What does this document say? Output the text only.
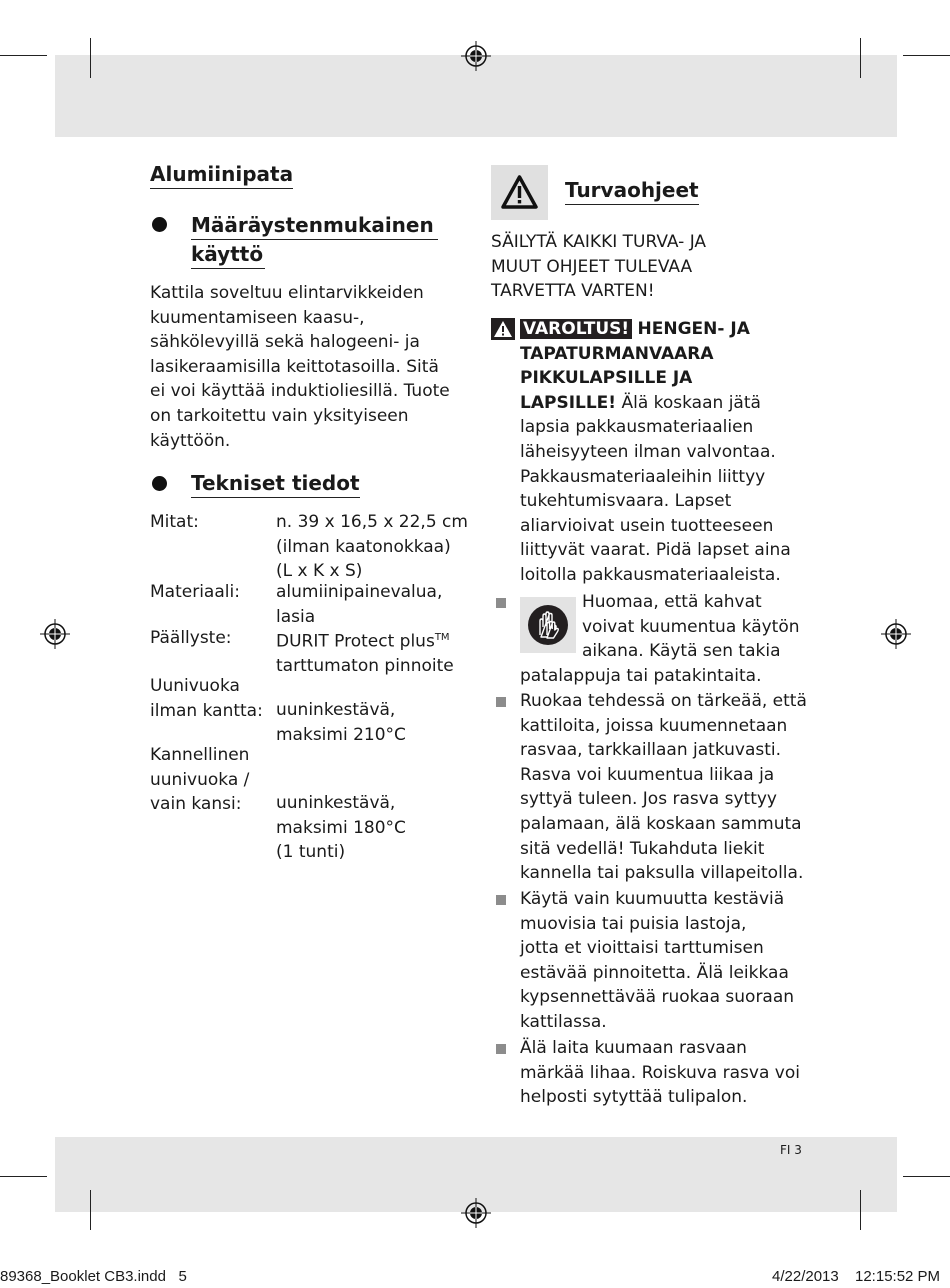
Alumiinipata
Määräystenmukainen
käyttö
Kattila soveltuu elintarvikkeiden
kuumentamiseen kaasu-,
sähkölevyillä sekä halogeeni- ja
lasikeraamisilla keittotasoilla. Sitä
ei voi käyttää induktioliesillä. Tuote
on tarkoitettu vain yksityiseen
käyttöön.
Tekniset tiedot
Mitat:	n. 39 x 16,5 x 22,5 cm
(ilman kaatonokkaa)
(L x K x S)
Materiaali: alumiinipainevalua,
lasia
Päällyste:	DURIT Protect plus™
tarttumaton pinnoite
Uunivuoka
ilman kantta: uuninkestävä,
maksimi 210°C
Kannellinen
uunivuoka /
vain kansi:	uuninkestävä,
maksimi 180°C
(1 tunti)
Turvaohjeet
SÄILYTÄ KAIKKI TURVA- JA
MUUT OHJEET TULEVAA
TARVETTA VARTEN!
VAROLTUS! HENGEN- JA
TAPATURMANVAARA
PIKKULAPSILLE JA
LAPSILLE! Älä koskaan jätä
lapsia pakkausmateriaalien
läheisyyteen ilman valvontaa.
Pakkausmateriaaleihin liittyy
tukehtumisvaara. Lapset
aliarvioivat usein tuotteeseen
liittyvät vaarat. Pidä lapset aina
loitolla pakkausmateriaaleista.
Huomaa, että kahvat
voivat kuumentua käytön
aikana. Käytä sen takia
patalappuja tai patakintaita.
Ruokaa tehdessä on tärkeää, että
kattiloita, joissa kuumennetaan
rasvaa, tarkkaillaan jatkuvasti.
Rasva voi kuumentua liikaa ja
syttyä tuleen. Jos rasva syttyy
palamaan, älä koskaan sammuta
sitä vedellä! Tukahduta liekit
kannella tai paksulla villapeitolla.
Käytä vain kuumuutta kestäviä
muovisia tai puisia lastoja,
jotta et vioittaisi tarttumisen
estävää pinnoitetta. Älä leikkaa
kypsennettävää ruokaa suoraan
kattilassa.
Älä laita kuumaan rasvaan
märkää lihaa. Roiskuva rasva voi
helposti sytyttää tulipalon.
FI 3
89368_Booklet CB3.indd   5	4/22/2013 12:15:52 PM
